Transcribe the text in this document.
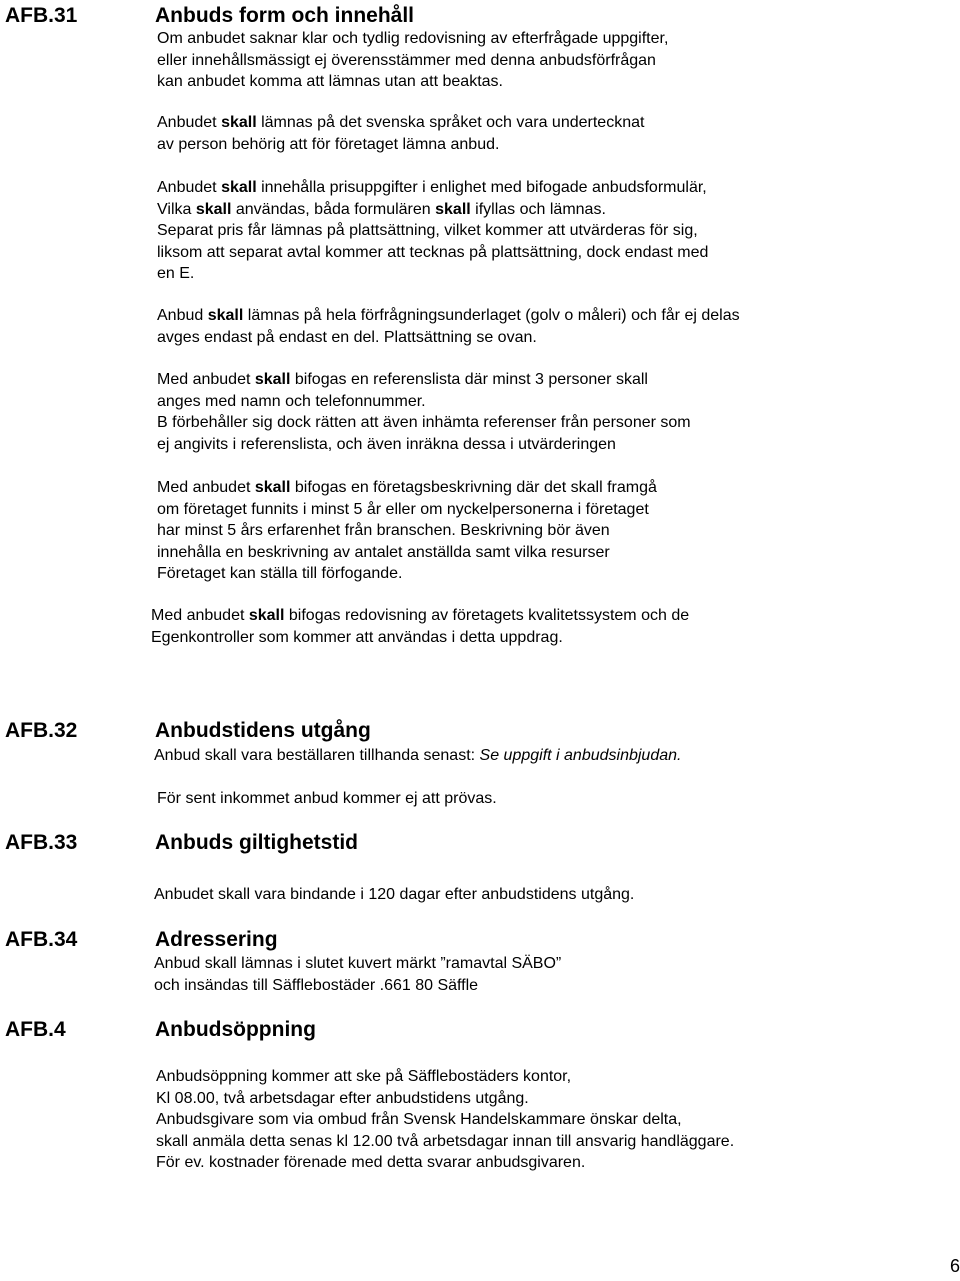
AFB.31	Anbuds form och innehåll
Om anbudet saknar klar och tydlig redovisning av efterfrågade uppgifter,
eller innehållsmässigt ej överensstämmer med denna anbudsförfrågan
kan anbudet komma att lämnas utan att beaktas.
Anbudet skall lämnas på det svenska språket och vara undertecknat
av person behörig att för företaget lämna anbud.
Anbudet skall innehålla prisuppgifter i enlighet med bifogade anbudsformulär,
Vilka skall användas, båda formulären skall ifyllas och lämnas.
Separat pris får lämnas på plattsättning, vilket kommer att utvärderas för sig,
liksom att separat avtal kommer att tecknas på plattsättning, dock endast med
en E.
Anbud skall lämnas på hela förfrågningsunderlaget (golv o måleri) och får ej delas
avges endast på endast en del. Plattsättning se ovan.
Med anbudet skall bifogas en referenslista där minst 3 personer skall
anges med namn och telefonnummer.
B förbehåller sig dock rätten att även inhämta referenser från personer som
ej angivits i referenslista, och även inräkna dessa i utvärderingen
Med anbudet skall bifogas en företagsbeskrivning där det skall framgå
om företaget funnits i minst 5 år eller om nyckelpersonerna i företaget
har minst 5 års erfarenhet från branschen. Beskrivning bör även
innehålla en beskrivning av antalet anställda samt vilka resurser
Företaget kan ställa till förfogande.
Med anbudet skall bifogas redovisning av företagets kvalitetssystem och de
Egenkontroller som kommer att användas i detta uppdrag.
AFB.32	Anbudstidens utgång
Anbud skall vara beställaren tillhanda senast: Se uppgift i anbudsinbjudan.
För sent inkommet anbud kommer ej att prövas.
AFB.33	Anbuds giltighetstid
Anbudet skall vara bindande i 120 dagar efter anbudstidens utgång.
AFB.34	Adressering
Anbud skall lämnas i slutet kuvert märkt ”ramavtal SÄBO”
och insändas till Säfflebostäder .661 80 Säffle
AFB.4	Anbudsöppning
Anbudsöppning kommer att ske på Säfflebostäders kontor,
Kl 08.00, två arbetsdagar efter anbudstidens utgång.
Anbudsgivare som via ombud från Svensk Handelskammare önskar delta,
skall anmäla detta senas kl 12.00 två arbetsdagar innan till ansvarig handläggare.
För ev. kostnader förenade med detta svarar anbudsgivaren.
6
